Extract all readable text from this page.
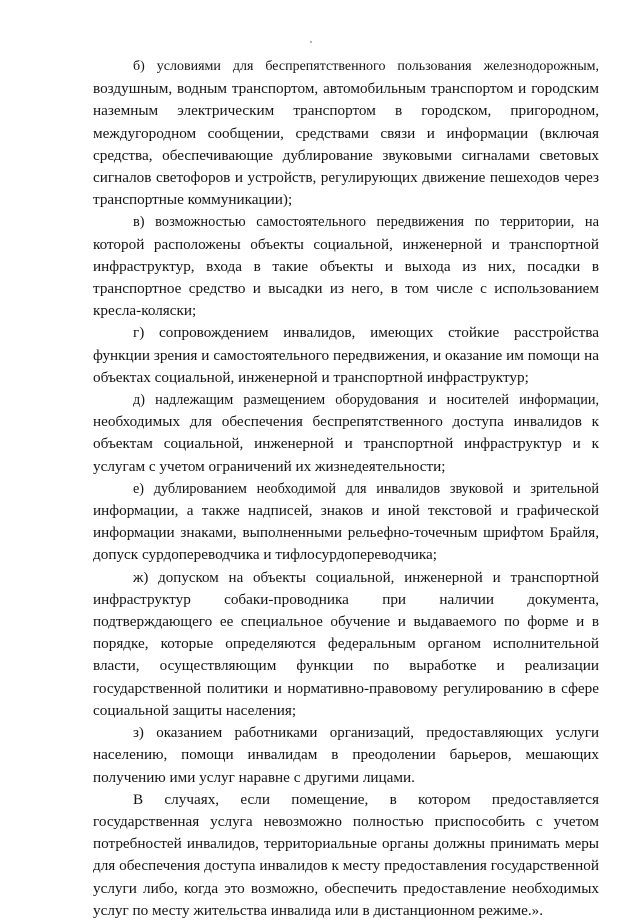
б) условиями для беспрепятственного пользования железнодорожным,
воздушным, водным транспортом, автомобильным транспортом и городским
наземным электрическим транспортом в городском, пригородном,
междугородном сообщении, средствами связи и информации (включая
средства, обеспечивающие дублирование звуковыми сигналами световых
сигналов светофоров и устройств, регулирующих движение пешеходов через
транспортные коммуникации);
в) возможностью самостоятельного передвижения по территории, на
которой расположены объекты социальной, инженерной и транспортной
инфраструктур, входа в такие объекты и выхода из них, посадки в
транспортное средство и высадки из него, в том числе с использованием
кресла-коляски;
г) сопровождением инвалидов, имеющих стойкие расстройства
функции зрения и самостоятельного передвижения, и оказание им помощи на
объектах социальной, инженерной и транспортной инфраструктур;
д) надлежащим размещением оборудования и носителей информации,
необходимых для обеспечения беспрепятственного доступа инвалидов к
объектам социальной, инженерной и транспортной инфраструктур и к
услугам с учетом ограничений их жизнедеятельности;
е) дублированием необходимой для инвалидов звуковой и зрительной
информации, а также надписей, знаков и иной текстовой и графической
информации знаками, выполненными рельефно-точечным шрифтом Брайля,
допуск сурдопереводчика и тифлосурдопереводчика;
ж) допуском на объекты социальной, инженерной и транспортной
инфраструктур собаки-проводника при наличии документа,
подтверждающего ее специальное обучение и выдаваемого по форме и в
порядке, которые определяются федеральным органом исполнительной
власти, осуществляющим функции по выработке и реализации
государственной политики и нормативно-правовому регулированию в сфере
социальной защиты населения;
з) оказанием работниками организаций, предоставляющих услуги
населению, помощи инвалидам в преодолении барьеров, мешающих
получению ими услуг наравне с другими лицами.
В случаях, если помещение, в котором предоставляется
государственная услуга невозможно полностью приспособить с учетом
потребностей инвалидов, территориальные органы должны принимать меры
для обеспечения доступа инвалидов к месту предоставления государственной
услуги либо, когда это возможно, обеспечить предоставление необходимых
услуг по месту жительства инвалида или в дистанционном режиме.».
